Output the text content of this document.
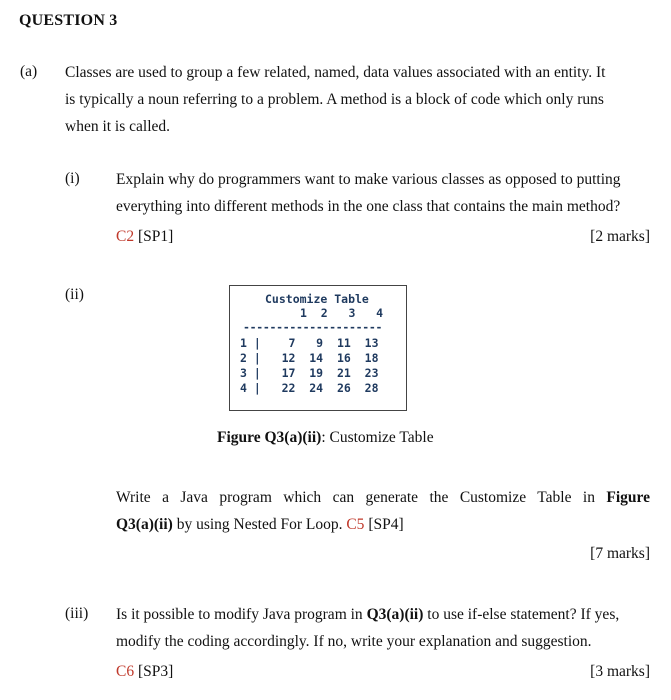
QUESTION 3
(a) Classes are used to group a few related, named, data values associated with an entity. It
is typically a noun referring to a problem. A method is a block of code which only runs
when it is called.
(i) Explain why do programmers want to make various classes as opposed to putting
everything into different methods in the one class that contains the main method?
C2 [SP1]	[2 marks]
(ii)	Customize Table
1  2   3   4
---------------------
1 |    7   9  11  13
2 | 12  14  16  18
3 | 17  19  21  23
4 | 22  24  26  28
Figure Q3(a)(ii): Customize Table
Write a Java program which can generate the Customize Table in Figure
Q3(a)(ii) by using Nested For Loop. C5 [SP4]
[7 marks]
(iii) Is it possible to modify Java program in Q3(a)(ii) to use if-else statement? If yes,
modify the coding accordingly. If no, write your explanation and suggestion.
C6 [SP3]	[3 marks]
